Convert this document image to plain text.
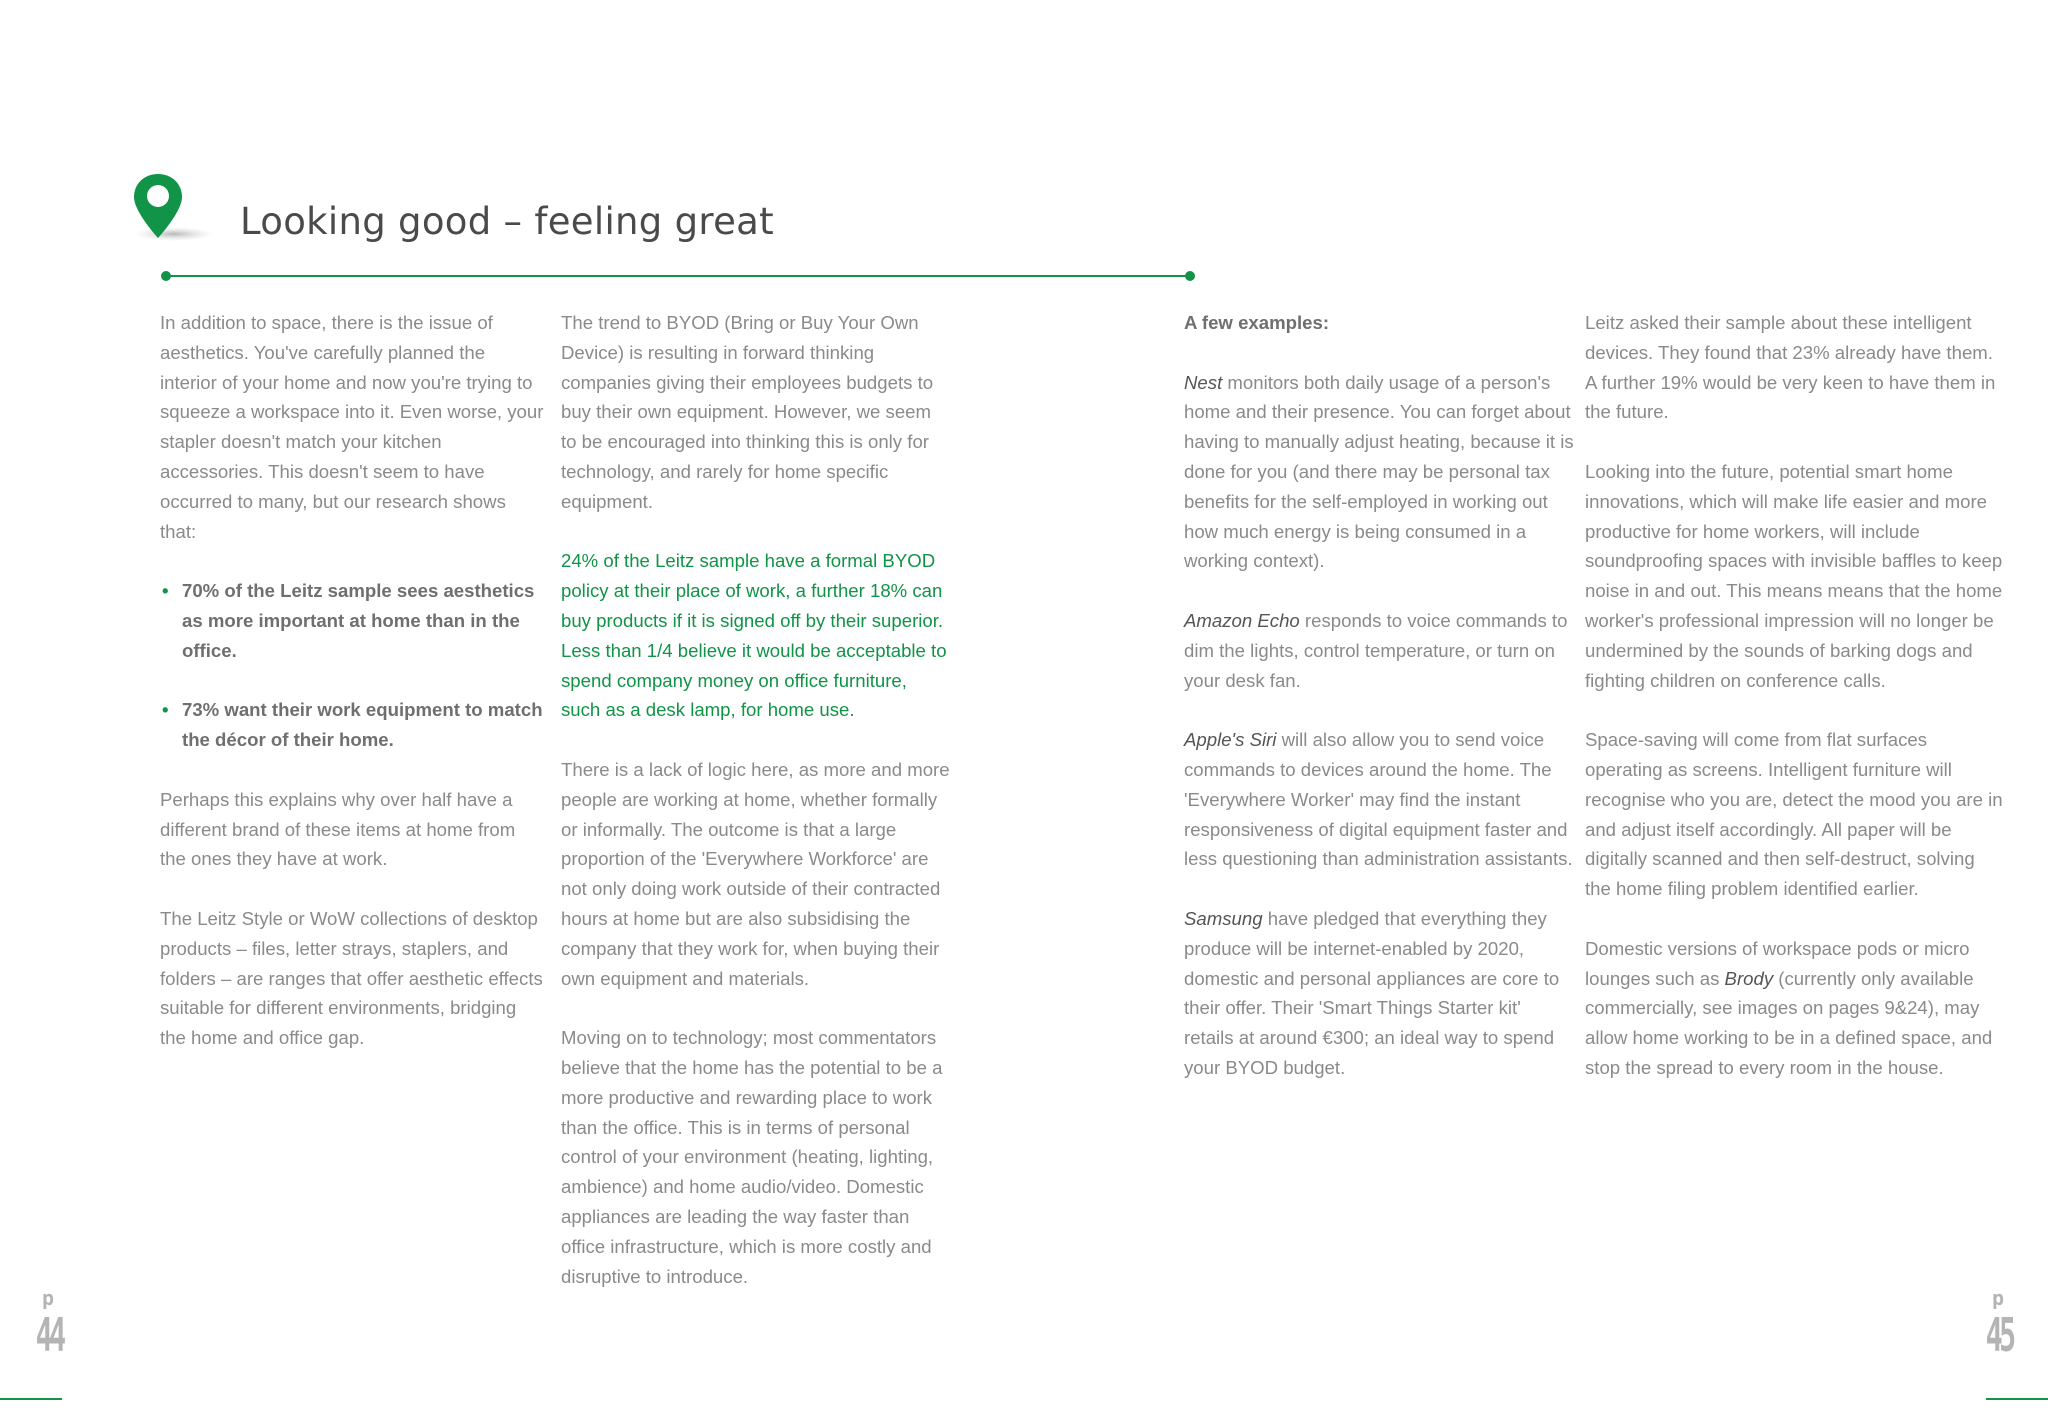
Looking good – feeling great

In addition to space, there is the issue of aesthetics. You've carefully planned the interior of your home and now you're trying to squeeze a workspace into it. Even worse, your stapler doesn't match your kitchen accessories. This doesn't seem to have occurred to many, but our research shows that:

• 70% of the Leitz sample sees aesthetics as more important at home than in the office.
• 73% want their work equipment to match the décor of their home.

Perhaps this explains why over half have a different brand of these items at home from the ones they have at work.

The Leitz Style or WoW collections of desktop products – files, letter strays, staplers, and folders – are ranges that offer aesthetic effects suitable for different environments, bridging the home and office gap.

The trend to BYOD (Bring or Buy Your Own Device) is resulting in forward thinking companies giving their employees budgets to buy their own equipment. However, we seem to be encouraged into thinking this is only for technology, and rarely for home specific equipment.

24% of the Leitz sample have a formal BYOD policy at their place of work, a further 18% can buy products if it is signed off by their superior. Less than 1/4 believe it would be acceptable to spend company money on office furniture, such as a desk lamp, for home use.

There is a lack of logic here, as more and more people are working at home, whether formally or informally. The outcome is that a large proportion of the 'Everywhere Workforce' are not only doing work outside of their contracted hours at home but are also subsidising the company that they work for, when buying their own equipment and materials.

Moving on to technology; most commentators believe that the home has the potential to be a more productive and rewarding place to work than the office. This is in terms of personal control of your environment (heating, lighting, ambience) and home audio/video. Domestic appliances are leading the way faster than office infrastructure, which is more costly and disruptive to introduce.

A few examples:

Nest monitors both daily usage of a person's home and their presence. You can forget about having to manually adjust heating, because it is done for you (and there may be personal tax benefits for the self-employed in working out how much energy is being consumed in a working context).

Amazon Echo responds to voice commands to dim the lights, control temperature, or turn on your desk fan.

Apple's Siri will also allow you to send voice commands to devices around the home. The 'Everywhere Worker' may find the instant responsiveness of digital equipment faster and less questioning than administration assistants.

Samsung have pledged that everything they produce will be internet-enabled by 2020, domestic and personal appliances are core to their offer. Their 'Smart Things Starter kit' retails at around €300; an ideal way to spend your BYOD budget.

Leitz asked their sample about these intelligent devices. They found that 23% already have them. A further 19% would be very keen to have them in the future.

Looking into the future, potential smart home innovations, which will make life easier and more productive for home workers, will include soundproofing spaces with invisible baffles to keep noise in and out. This means means that the home worker's professional impression will no longer be undermined by the sounds of barking dogs and fighting children on conference calls.

Space-saving will come from flat surfaces operating as screens. Intelligent furniture will recognise who you are, detect the mood you are in and adjust itself accordingly. All paper will be digitally scanned and then self-destruct, solving the home filing problem identified earlier.

Domestic versions of workspace pods or micro lounges such as Brody (currently only available commercially, see images on pages 9&24), may allow home working to be in a defined space, and stop the spread to every room in the house.

p
44
p
45
